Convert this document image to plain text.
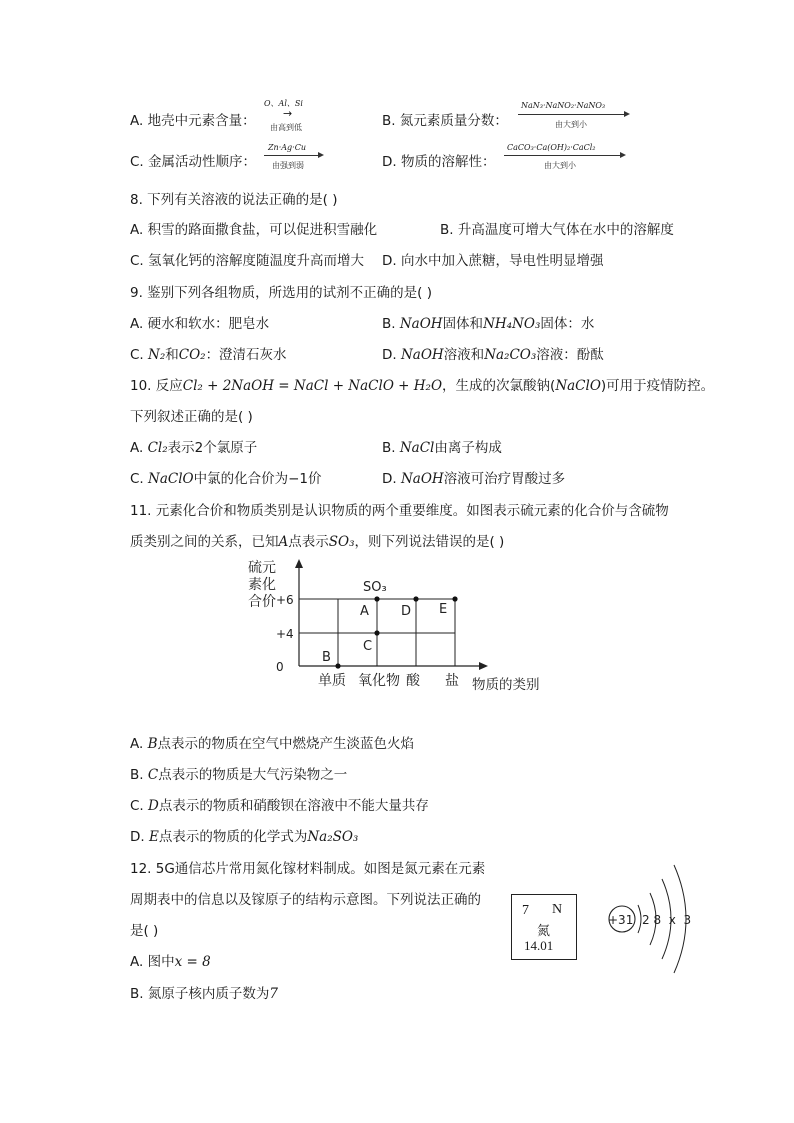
A. 地壳中元素含量：
O、Al、Si
→
由高到低	B. 氮元素质量分数：
NaN₃·NaNO₂·NaNO₃
由大到小
C. 金属活动性顺序：
Zn·Ag·Cu
由强到弱	D. 物质的溶解性：
CaCO₃·Ca(OH)₂·CaCl₂
由大到小
8. 下列有关溶液的说法正确的是( )
A. 积雪的路面撒食盐，可以促进积雪融化	B. 升高温度可增大气体在水中的溶解度
C. 氢氧化钙的溶解度随温度升高而增大 D. 向水中加入蔗糖，导电性明显增强
9. 鉴别下列各组物质，所选用的试剂不正确的是( )
A. 硬水和软水：肥皂水	B. NaOH固体和NH₄NO₃固体：水
C. N₂和CO₂：澄清石灰水	D. NaOH溶液和Na₂CO₃溶液：酚酞
10. 反应Cl₂ + 2NaOH = NaCl + NaClO + H₂O，生成的次氯酸钠(NaClO)可用于疫情防控。
下列叙述正确的是( )
A. Cl₂表示2个氯原子	B. NaCl由离子构成
C. NaClO中氯的化合价为−1价	D. NaOH溶液可治疗胃酸过多
11. 元素化合价和物质类别是认识物质的两个重要维度。如图表示硫元素的化合价与含硫物
质类别之间的关系，已知A点表示SO₃，则下列说法错误的是( )
硫元
素化
合价 +6
+4
0
单质 氧化物 酸 盐
A
B
C
D E
SO₃
物质的类别
A. B点表示的物质在空气中燃烧产生淡蓝色火焰
B. C点表示的物质是大气污染物之一
C. D点表示的物质和硝酸钡在溶液中不能大量共存
D. E点表示的物质的化学式为Na₂SO₃
12. 5G通信芯片常用氮化镓材料制成。如图是氮元素在元素
周期表中的信息以及镓原子的结构示意图。下列说法正确的
是( )
A. 图中x = 8
B. 氮原子核内质子数为7
7 N
氮
14.01
+31 2 8  x  3
